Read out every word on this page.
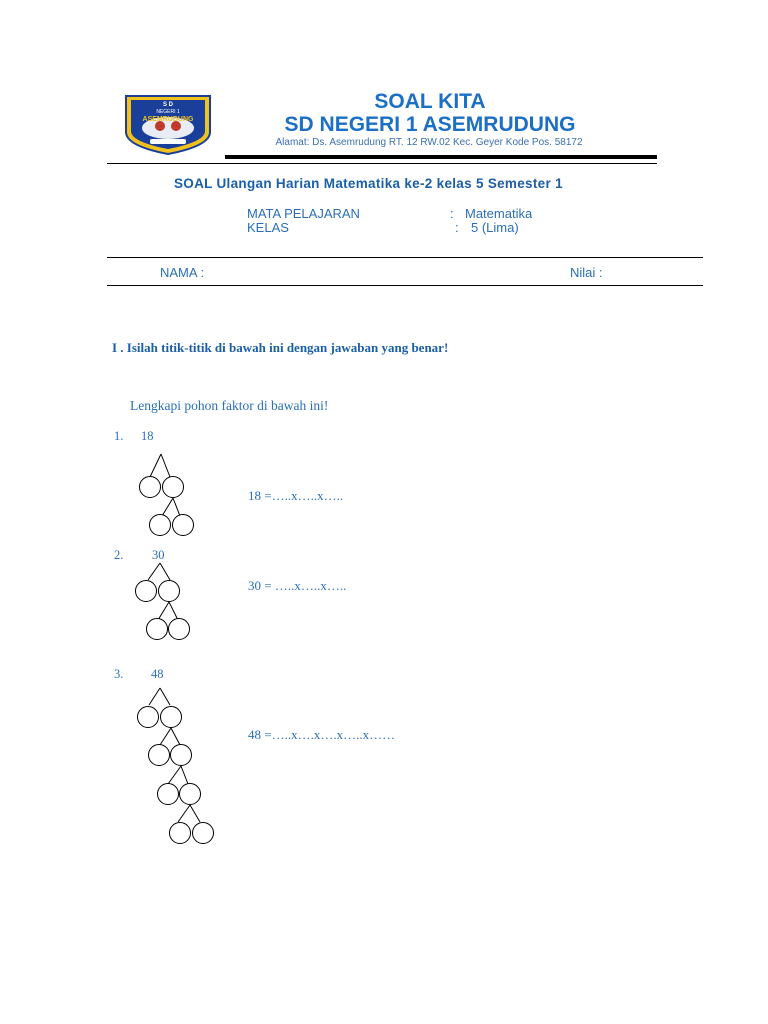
S D
NEGERI 1
ASEMRUDUNG
SOAL KITA
SD NEGERI 1 ASEMRUDUNG
Alamat: Ds. Asemrudung RT. 12 RW.02 Kec. Geyer Kode Pos. 58172
SOAL Ulangan Harian Matematika ke-2 kelas 5 Semester 1
MATA PELAJARAN	: Matematika
KELAS	: 5 (Lima)
NAMA :	Nilai :
I . Isilah titik-titik di bawah ini dengan jawaban yang benar!
Lengkapi pohon faktor di bawah ini!
1. 18
18 =…..x…..x…..
2. 30
30 = …..x…..x…..
3. 48
48 =…..x….x….x…..x……
